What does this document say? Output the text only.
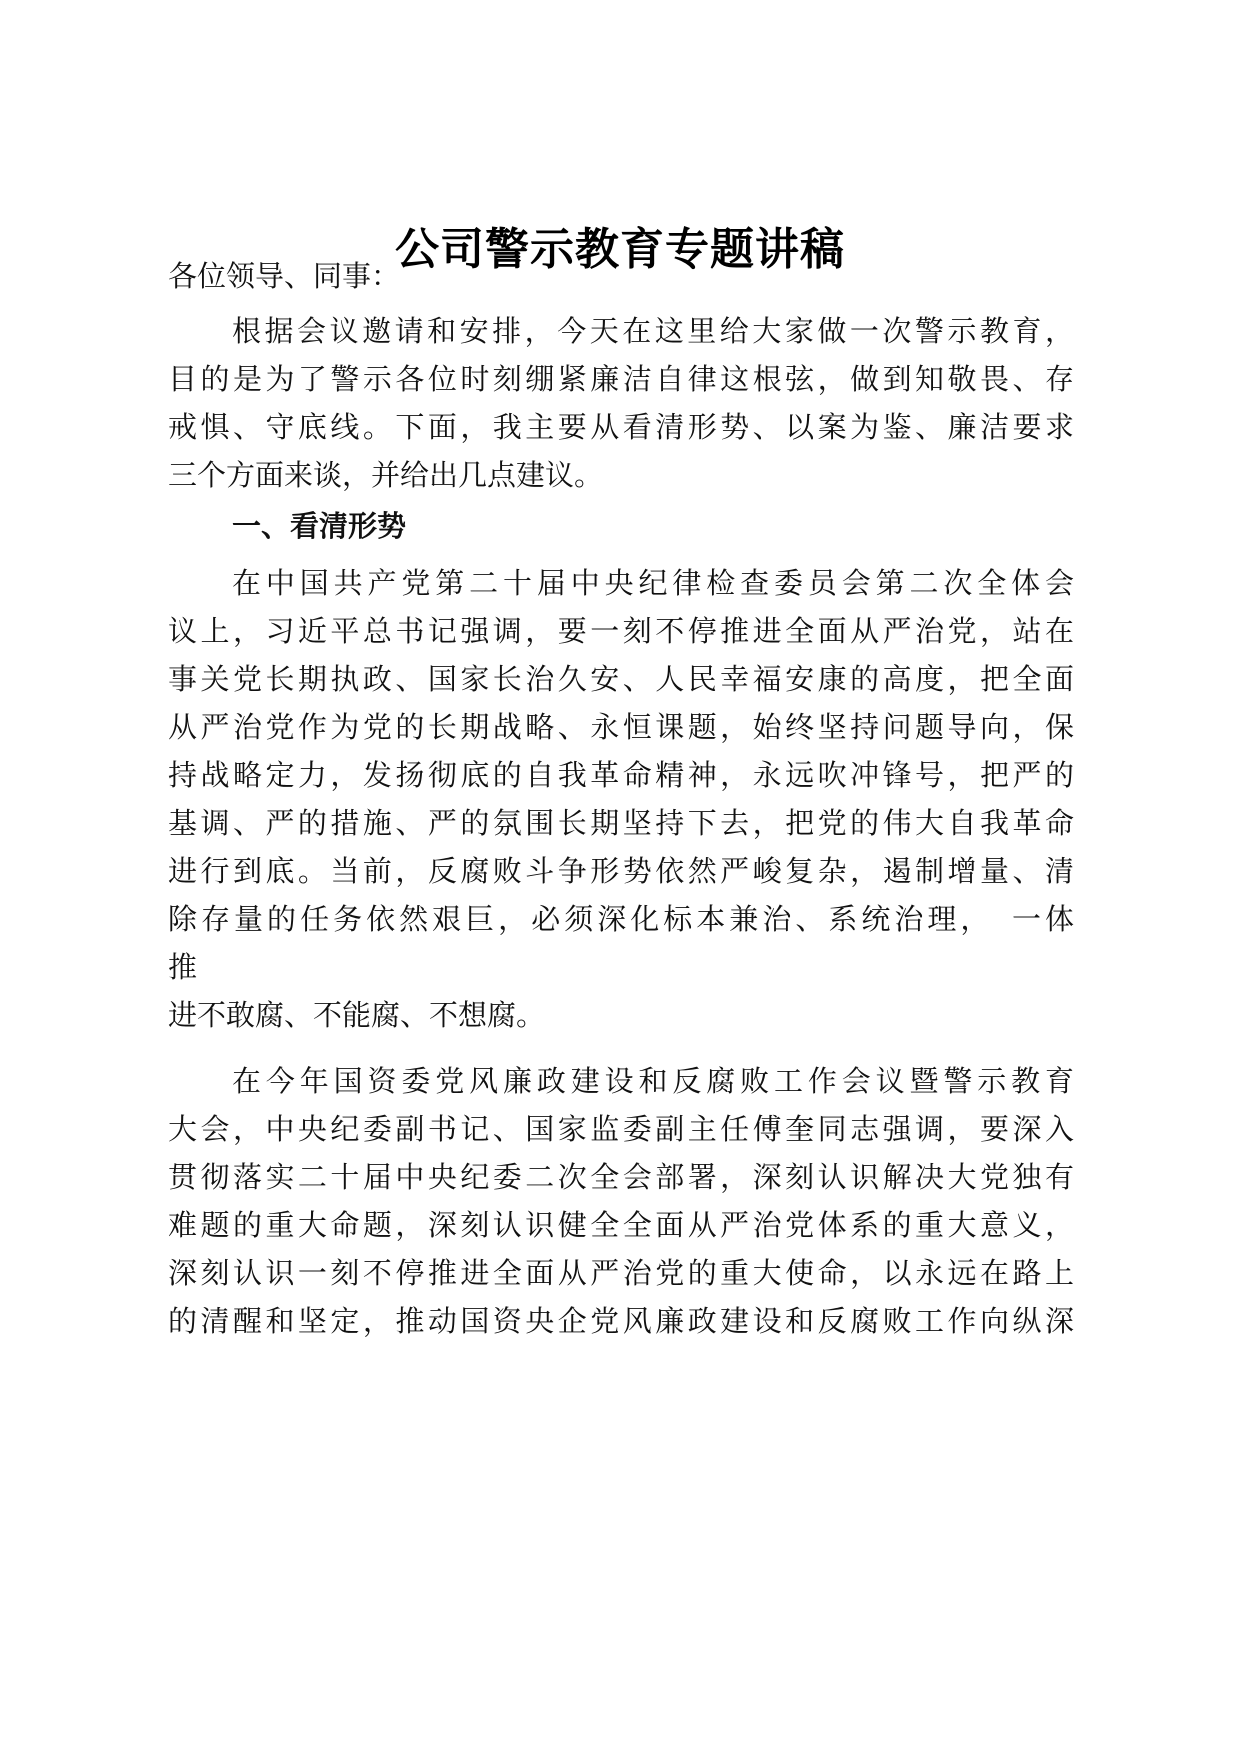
公司警示教育专题讲稿
各位领导、同事：
根据会议邀请和安排，今天在这里给大家做一次警示教育，
目的是为了警示各位时刻绷紧廉洁自律这根弦，做到知敬畏、存
戒惧、守底线。下面，我主要从看清形势、以案为鉴、廉洁要求
三个方面来谈，并给出几点建议。
一、看清形势
在中国共产党第二十届中央纪律检查委员会第二次全体会
议上，习近平总书记强调，要一刻不停推进全面从严治党，站在
事关党长期执政、国家长治久安、人民幸福安康的高度，把全面
从严治党作为党的长期战略、永恒课题，始终坚持问题导向，保
持战略定力，发扬彻底的自我革命精神，永远吹冲锋号，把严的
基调、严的措施、严的氛围长期坚持下去，把党的伟大自我革命
进行到底。当前，反腐败斗争形势依然严峻复杂，遏制增量、清
除存量的任务依然艰巨，必须深化标本兼治、系统治理，　一体
推
进不敢腐、不能腐、不想腐。
在今年国资委党风廉政建设和反腐败工作会议暨警示教育
大会，中央纪委副书记、国家监委副主任傅奎同志强调，要深入
贯彻落实二十届中央纪委二次全会部署，深刻认识解决大党独有
难题的重大命题，深刻认识健全全面从严治党体系的重大意义，
深刻认识一刻不停推进全面从严治党的重大使命，以永远在路上
的清醒和坚定，推动国资央企党风廉政建设和反腐败工作向纵深
